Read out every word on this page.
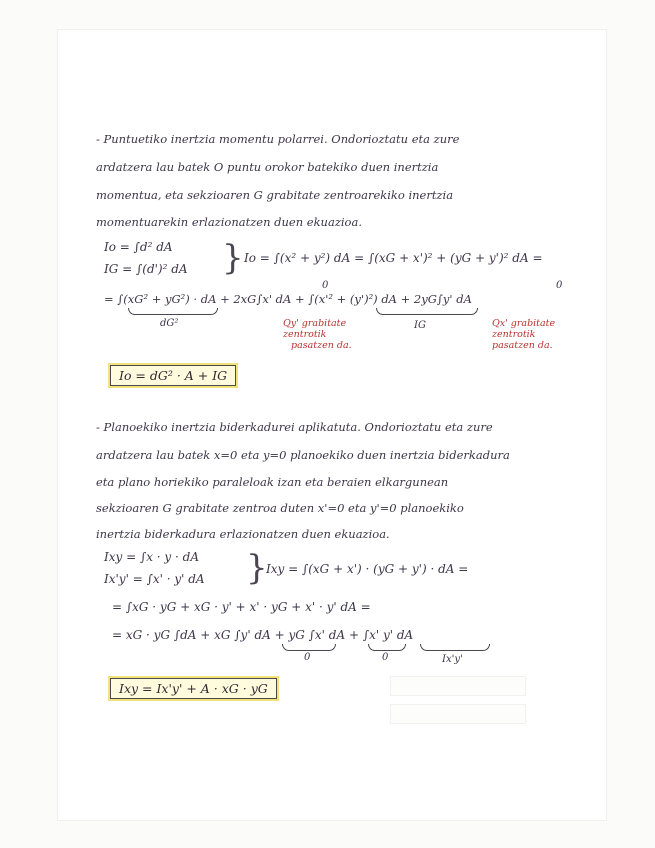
- Puntuetiko inertzia momentu polarrei. Ondorioztatu eta zure
ardatzera lau batek O puntu orokor batekiko duen inertzia
momentua, eta sekzioaren G grabitate zentroarekiko inertzia
momentuarekin erlazionatzen duen ekuazioa.
Io = ∫d² dA
IG = ∫(d')² dA } Io = ∫(x² + y²) dA = ∫(xG + x')² + (yG + y')² dA =
= ∫(xG² + yG²) · dA + 2xG∫x' dA + ∫(x'² + (y')²) dA + 2yG∫y' dA
0	0
dG²	IG
Qy' grabitate
zentrotik
pasatzen da.
Qx' grabitate
zentrotik
pasatzen da.
Io = dG² · A + IG
- Planoekiko inertzia biderkadurei aplikatuta. Ondorioztatu eta zure
ardatzera lau batek x=0 eta y=0 planoekiko duen inertzia biderkadura
eta plano horiekiko paraleloak izan eta beraien elkargunean
sekzioaren G grabitate zentroa duten x'=0 eta y'=0 planoekiko
inertzia biderkadura erlazionatzen duen ekuazioa.
Ixy = ∫x · y · dA
Ix'y' = ∫x' · y' dA }
Ixy = ∫(xG + x') · (yG + y') · dA =
= ∫xG · yG + xG · y' + x' · yG + x' · y' dA =
= xG · yG ∫dA + xG ∫y' dA + yG ∫x' dA + ∫x' y' dA
0	0	Ix'y'
Ixy = Ix'y' + A · xG · yG
